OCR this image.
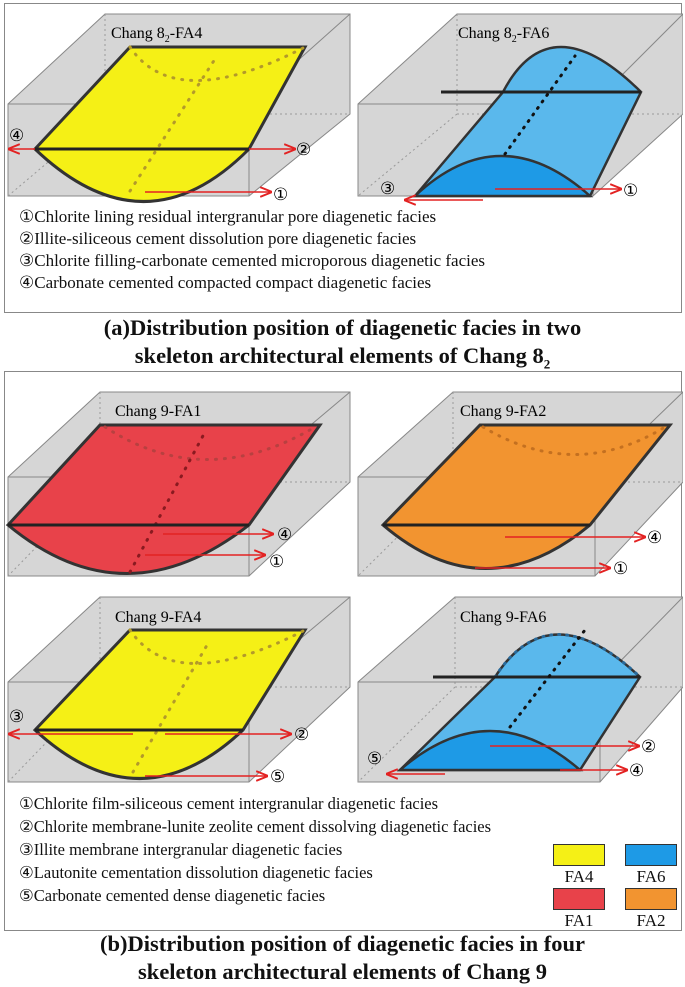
Chang $8_2-FA4$
④
②
①
Chang $8_2-FA6$
③	①
①Chlorite lining residual intergranular pore diagenetic facies
②Illite-siliceous cement dissolution pore diagenetic facies
③Chlorite filling-carbonate cemented microporous diagenetic facies
④Carbonate cemented compacted compact diagenetic facies
(a)Distribution position of diagenetic facies in two
skeleton architectural elements of Chang $8_2$
Chang 9-FA1
④
①
Chang 9-FA2
④
①
Chang 9-FA4
③
②
⑤
Chang 9-FA6
⑤
②
④
①Chlorite film-siliceous cement intergranular diagenetic facies
②Chlorite membrane-lunite zeolite cement dissolving diagenetic facies
③Illite membrane intergranular diagenetic facies
④Lautonite cementation dissolution diagenetic facies
⑤Carbonate cemented dense diagenetic facies
FA4	FA6
FA1	FA2
(b)Distribution position of diagenetic facies in four
skeleton architectural elements of Chang 9
